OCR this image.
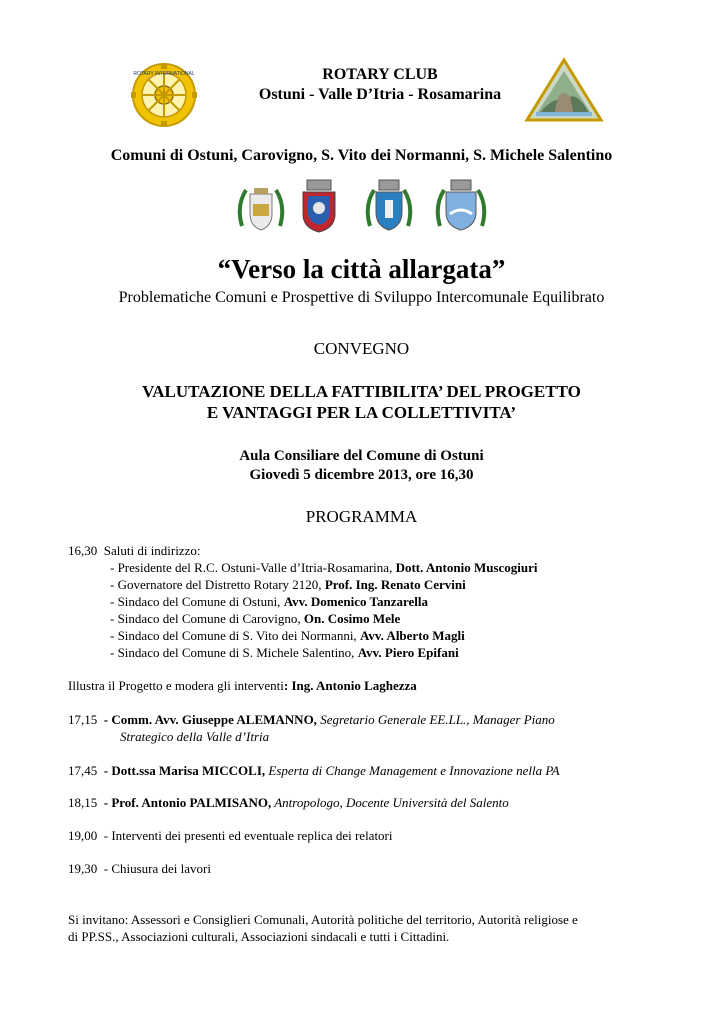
ROTARY INTERNATIONAL	ROTARY CLUB
Ostuni - Valle D’Itria - Rosamarina
Comuni di Ostuni, Carovigno, S. Vito dei Normanni, S. Michele Salentino
“Verso la città allargata”
Problematiche Comuni e Prospettive di Sviluppo Intercomunale Equilibrato
CONVEGNO
VALUTAZIONE DELLA FATTIBILITA’ DEL PROGETTO
E VANTAGGI PER LA COLLETTIVITA’
Aula Consiliare del Comune di Ostuni
Giovedì 5 dicembre 2013, ore 16,30
PROGRAMMA
16,30 Saluti di indirizzo:
- Presidente del R.C. Ostuni-Valle d’Itria-Rosamarina, Dott. Antonio Muscogiuri
- Governatore del Distretto Rotary 2120, Prof. Ing. Renato Cervini
- Sindaco del Comune di Ostuni, Avv. Domenico Tanzarella
- Sindaco del Comune di Carovigno, On. Cosimo Mele
- Sindaco del Comune di S. Vito dei Normanni, Avv. Alberto Magli
- Sindaco del Comune di S. Michele Salentino, Avv. Piero Epifani
Illustra il Progetto e modera gli interventi: Ing. Antonio Laghezza
17,15 - Comm. Avv. Giuseppe ALEMANNO, Segretario Generale EE.LL., Manager Piano
Strategico della Valle d’Itria
17,45 - Dott.ssa Marisa MICCOLI, Esperta di Change Management e Innovazione nella PA
18,15 - Prof. Antonio PALMISANO, Antropologo, Docente Università del Salento
19,00 - Interventi dei presenti ed eventuale replica dei relatori
19,30 - Chiusura dei lavori
Si invitano: Assessori e Consiglieri Comunali, Autorità politiche del territorio, Autorità religiose e
di PP.SS., Associazioni culturali, Associazioni sindacali e tutti i Cittadini.
